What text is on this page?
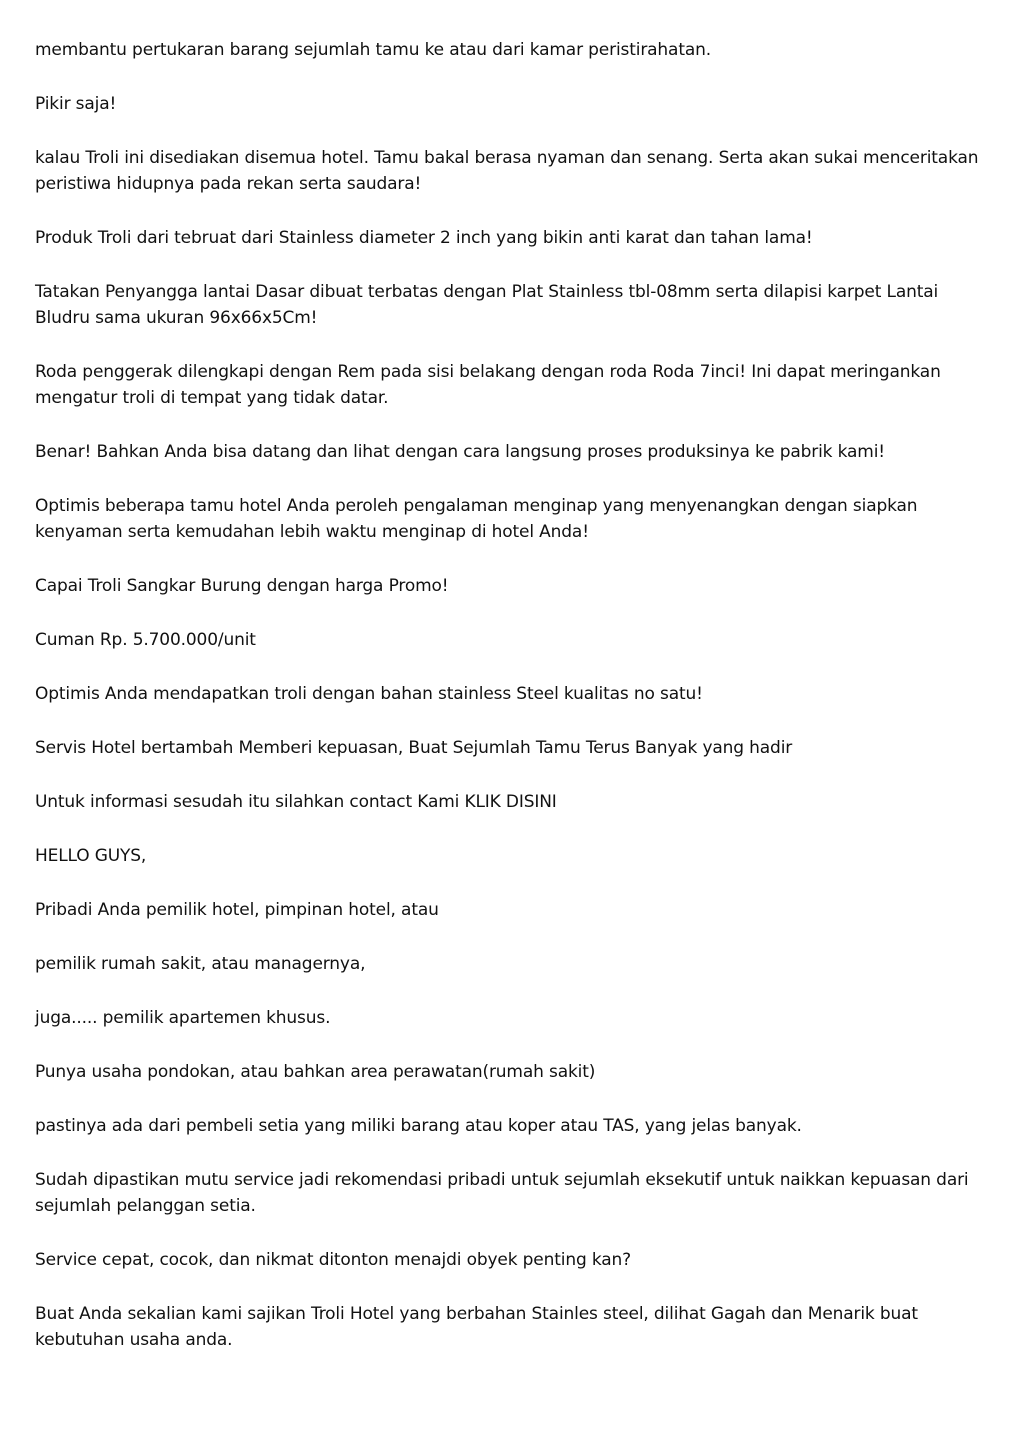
membantu pertukaran barang sejumlah tamu ke atau dari kamar peristirahatan.

Pikir saja!

kalau Troli ini disediakan disemua hotel. Tamu bakal berasa nyaman dan senang. Serta akan sukai menceritakan peristiwa hidupnya pada rekan serta saudara!

Produk Troli dari tebruat dari Stainless diameter 2 inch yang bikin anti karat dan tahan lama!

Tatakan Penyangga lantai Dasar dibuat terbatas dengan Plat Stainless tbl-08mm serta dilapisi karpet Lantai Bludru sama ukuran 96x66x5Cm!

Roda penggerak dilengkapi dengan Rem pada sisi belakang dengan roda Roda 7inci! Ini dapat meringankan mengatur troli di tempat yang tidak datar.

Benar! Bahkan Anda bisa datang dan lihat dengan cara langsung proses produksinya ke pabrik kami!

Optimis beberapa tamu hotel Anda peroleh pengalaman menginap yang menyenangkan dengan siapkan kenyaman serta kemudahan lebih waktu menginap di hotel Anda!

Capai Troli Sangkar Burung dengan harga Promo!

Cuman Rp. 5.700.000/unit

Optimis Anda mendapatkan troli dengan bahan stainless Steel kualitas no satu!

Servis Hotel bertambah Memberi kepuasan, Buat Sejumlah Tamu Terus Banyak yang hadir

Untuk informasi sesudah itu silahkan contact Kami KLIK DISINI

HELLO GUYS,

Pribadi Anda pemilik hotel, pimpinan hotel, atau

pemilik rumah sakit, atau managernya,

juga..... pemilik apartemen khusus.

Punya usaha pondokan, atau bahkan area perawatan(rumah sakit)

pastinya ada dari pembeli setia yang miliki barang atau koper atau TAS, yang jelas banyak.

Sudah dipastikan mutu service jadi rekomendasi pribadi untuk sejumlah eksekutif untuk naikkan kepuasan dari sejumlah pelanggan setia.

Service cepat, cocok, dan nikmat ditonton menajdi obyek penting kan?

Buat Anda sekalian kami sajikan Troli Hotel yang berbahan Stainles steel, dilihat Gagah dan Menarik buat kebutuhan usaha anda.
